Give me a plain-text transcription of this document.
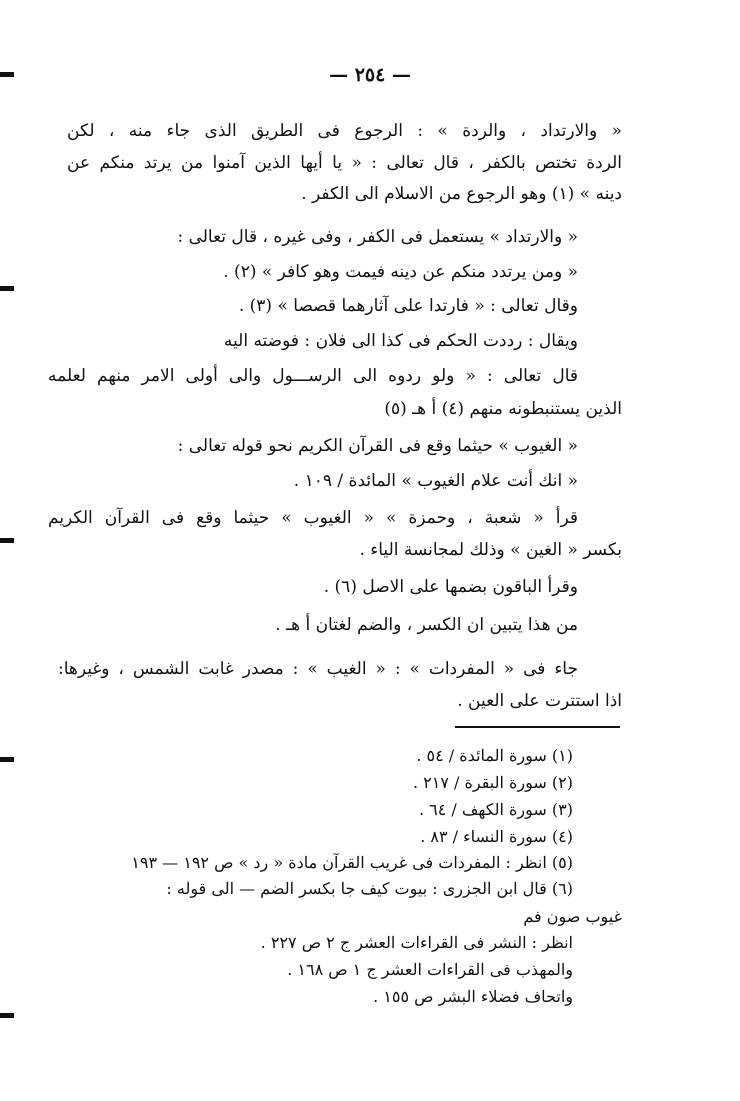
— ٢٥٤ —
« والارتداد ، والردة » : الرجوع فى الطريق الذى جاء منه ، لكن
الردة تختص بالكفر ، قال تعالى : « يا أيها الذين آمنوا من يرتد منكم عن
دينه » (١) وهو الرجوع من الاسلام الى الكفر .
« والارتداد » يستعمل فى الكفر ، وفى غيره ، قال تعالى :
« ومن يرتدد منكم عن دينه فيمت وهو كافر » (٢) .
وقال تعالى : « فارتدا على آثارهما قصصا » (٣) .
ويقال : رددت الحكم فى كذا الى فلان : فوضته اليه
قال تعالى : « ولو ردوه الى الرســـول والى أولى الامر منهم لعلمه
الذين يستنبطونه منهم (٤) أ هـ (٥)
« الغيوب » حيثما وقع فى القرآن الكريم نحو قوله تعالى :
« انك أنت علام الغيوب » المائدة / ١٠٩ .
قرأ « شعبة ، وحمزة » « الغيوب » حيثما وقع فى القرآن الكريم
بكسر « الغين » وذلك لمجانسة الياء .
وقرأ الباقون بضمها على الاصل (٦) .
من هذا يتبين ان الكسر ، والضم لغتان أ هـ .
جاء فى « المفردات » : « الغيب » : مصدر غابت الشمس ، وغيرها:
اذا استترت على العين .
(١) سورة المائدة / ٥٤ .
(٢) سورة البقرة / ٢١٧ .
(٣) سورة الكهف / ٦٤ .
(٤) سورة النساء / ٨٣ .
(٥) انظر : المفردات فى غريب القرآن مادة « رد » ص ١٩٢ — ١٩٣
(٦) قال ابن الجزرى : بيوت كيف جا بكسر الضم — الى قوله :
غيوب صون فم
انظر : النشر فى القراءات العشر ج ٢ ص ٢٢٧ .
والمهذب فى القراءات العشر ج ١ ص ١٦٨ .
واتحاف فضلاء البشر ص ١٥٥ .
